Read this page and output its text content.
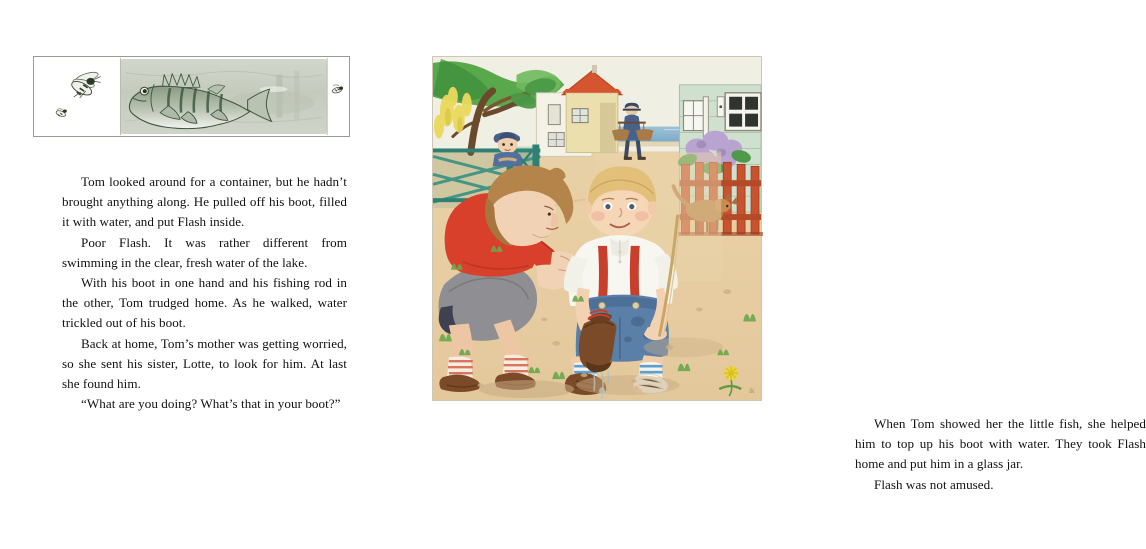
Tom looked around for a container, but he hadn’t brought anything along. He pulled off his boot, filled it with water, and put Flash inside.

Poor Flash. It was rather different from swimming in the clear, fresh water of the lake.

With his boot in one hand and his fishing rod in the other, Tom trudged home. As he walked, water trickled out of his boot.

Back at home, Tom’s mother was getting worried, so she sent his sister, Lotte, to look for him. At last she found him.

“What are you doing? What’s that in your boot?”

ik

When Tom showed her the little fish, she helped him to top up his boot with water. They took Flash home and put him in a glass jar.

Flash was not amused.
